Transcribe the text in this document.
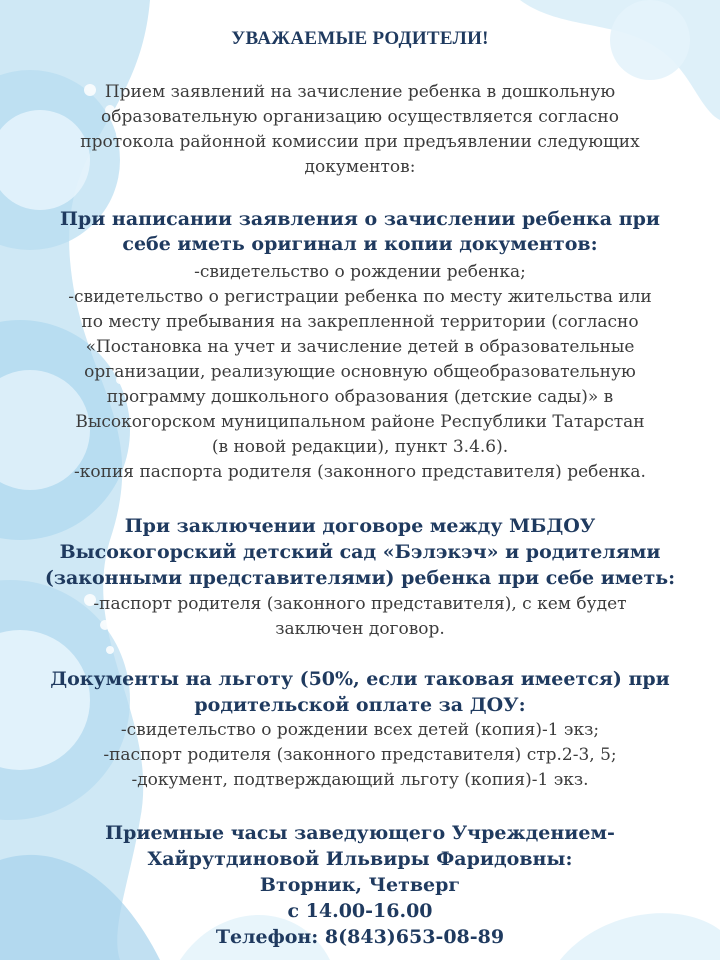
УВАЖАЕМЫЕ РОДИТЕЛИ!
Прием заявлений на зачисление ребенка в дошкольную
образовательную организацию осуществляется согласно
протокола районной комиссии при предъявлении следующих
документов:
При написании заявления о зачислении ребенка при
себе иметь оригинал и копии документов:
-свидетельство о рождении ребенка;
-свидетельство о регистрации ребенка по месту жительства или
по месту пребывания на закрепленной территории (согласно
«Постановка на учет и зачисление детей в образовательные
организации, реализующие основную общеобразовательную
программу дошкольного образования (детские сады)» в
Высокогорском муниципальном районе Республики Татарстан
(в новой редакции), пункт 3.4.6).
-копия паспорта родителя (законного представителя) ребенка.
При заключении договоре между МБДОУ
Высокогорский детский сад «Бэлэкэч» и родителями
(законными представителями) ребенка при себе иметь:
-паспорт родителя (законного представителя), с кем будет
заключен договор.
Документы на льготу (50%, если таковая имеется) при
родительской оплате за ДОУ:
-свидетельство о рождении всех детей (копия)-1 экз;
-паспорт родителя (законного представителя) стр.2-3, 5;
-документ, подтверждающий льготу (копия)-1 экз.
Приемные часы заведующего Учреждением-
Хайрутдиновой Ильвиры Фаридовны:
Вторник, Четверг
с 14.00-16.00
Телефон: 8(843)653-08-89
